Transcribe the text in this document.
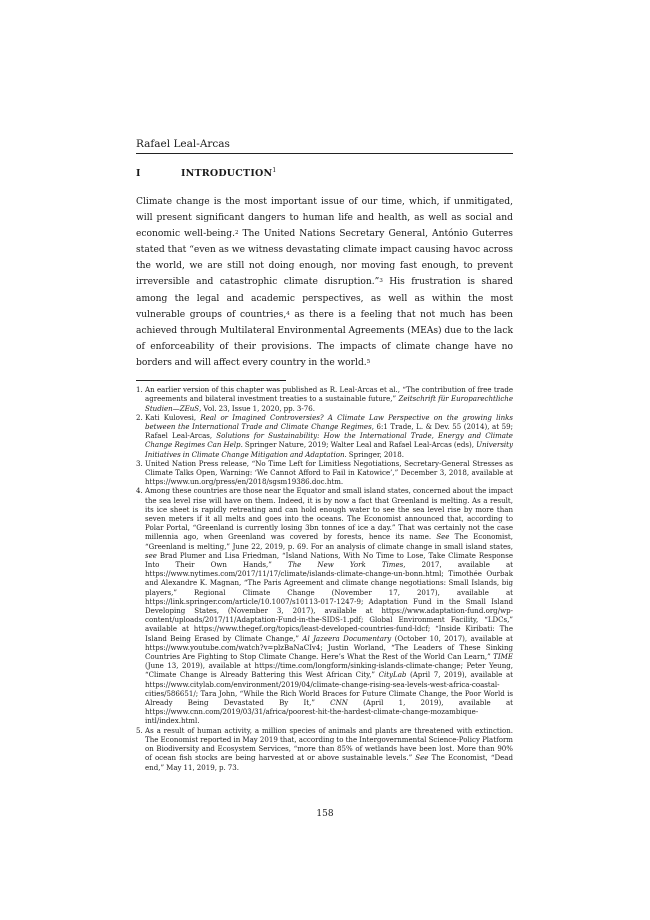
Rafael Leal-Arcas
I	INTRODUCTION$^1$

Climate change is the most important issue of our time, which, if unmitigated, will present significant dangers to human life and health, as well as social and economic well-being.$^2$ The United Nations Secretary General, António Guterres stated that “even as we witness devastating climate impact causing havoc across the world, we are still not doing enough, nor moving fast enough, to prevent irreversible and catastrophic climate disruption.”$^3$ His frustration is shared among the legal and academic perspectives, as well as within the most vulnerable groups of countries,$^4$ as there is a feeling that not much has been achieved through Multilateral Environmental Agreements (MEAs) due to the lack of enforceability of their provisions. The impacts of climate change have no borders and will affect every country in the world.$^5$

1. An earlier version of this chapter was published as R. Leal-Arcas et al., “The contribution of free trade agreements and bilateral investment treaties to a sustainable future,” Zeitschrift für Europarechtliche Studien—ZEuS, Vol. 23, Issue 1, 2020, pp. 3-76.
2. Kati Kulovesi, Real or Imagined Controversies? A Climate Law Perspective on the growing links between the International Trade and Climate Change Regimes, 6:1 Trade, L. & Dev. 55 (2014), at 59; Rafael Leal-Arcas, Solutions for Sustainability: How the International Trade, Energy and Climate Change Regimes Can Help. Springer Nature, 2019; Walter Leal and Rafael Leal-Arcas (eds), University Initiatives in Climate Change Mitigation and Adaptation. Springer, 2018.
3. United Nation Press release, “No Time Left for Limitless Negotiations, Secretary-General Stresses as Climate Talks Open, Warning: ‘We Cannot Afford to Fail in Katowice’,” December 3, 2018, available at https://www.un.org/press/en/2018/sgsm19386.doc.htm.
4. Among these countries are those near the Equator and small island states, concerned about the impact the sea level rise will have on them. Indeed, it is by now a fact that Greenland is melting. As a result, its ice sheet is rapidly retreating and can hold enough water to see the sea level rise by more than seven meters if it all melts and goes into the oceans. The Economist announced that, according to Polar Portal, “Greenland is currently losing 3bn tonnes of ice a day.” That was certainly not the case millennia ago, when Greenland was covered by forests, hence its name. See The Economist, “Greenland is melting,” June 22, 2019, p. 69. For an analysis of climate change in small island states, see Brad Plumer and Lisa Friedman, “Island Nations, With No Time to Lose, Take Climate Response Into Their Own Hands,” The New York Times, 2017, available at https://www.nytimes.com/2017/11/17/climate/islands-climate-change-un-bonn.html; Timothée Ourbak and Alexandre K. Magnan, “The Paris Agreement and climate change negotiations: Small Islands, big players,” Regional Climate Change (November 17, 2017), available at https://link.springer.com/article/10.1007/s10113-017-1247-9; Adaptation Fund in the Small Island Developing States, (November 3, 2017), available at https://www.adaptation-fund.org/wp-content/uploads/2017/11/Adaptation-Fund-in-the-SIDS-1.pdf; Global Environment Facility, “LDCs,” available at https://www.thegef.org/topics/least-developed-countries-fund-ldcf; “Inside Kiribati: The Island Being Erased by Climate Change,” Al Jazeera Documentary (October 10, 2017), available at https://www.youtube.com/watch?v=plzBaNaCIv4; Justin Worland, “The Leaders of These Sinking Countries Are Fighting to Stop Climate Change. Here’s What the Rest of the World Can Learn,” TIME (June 13, 2019), available at https://time.com/longform/sinking-islands-climate-change; Peter Yeung, “Climate Change is Already Battering this West African City,” CityLab (April 7, 2019), available at https://www.citylab.com/environment/2019/04/climate-change-rising-sea-levels-west-africa-coastal-cities/586651/; Tara John, “While the Rich World Braces for Future Climate Change, the Poor World is Already Being Devastated By It,” CNN (April 1, 2019), available at https://www.cnn.com/2019/03/31/africa/poorest-hit-the-hardest-climate-change-mozambique-intl/index.html.
5. As a result of human activity, a million species of animals and plants are threatened with extinction. The Economist reported in May 2019 that, according to the Intergovernmental Science-Policy Platform on Biodiversity and Ecosystem Services, “more than 85% of wetlands have been lost. More than 90% of ocean fish stocks are being harvested at or above sustainable levels.” See The Economist, “Dead end,” May 11, 2019, p. 73.
158
